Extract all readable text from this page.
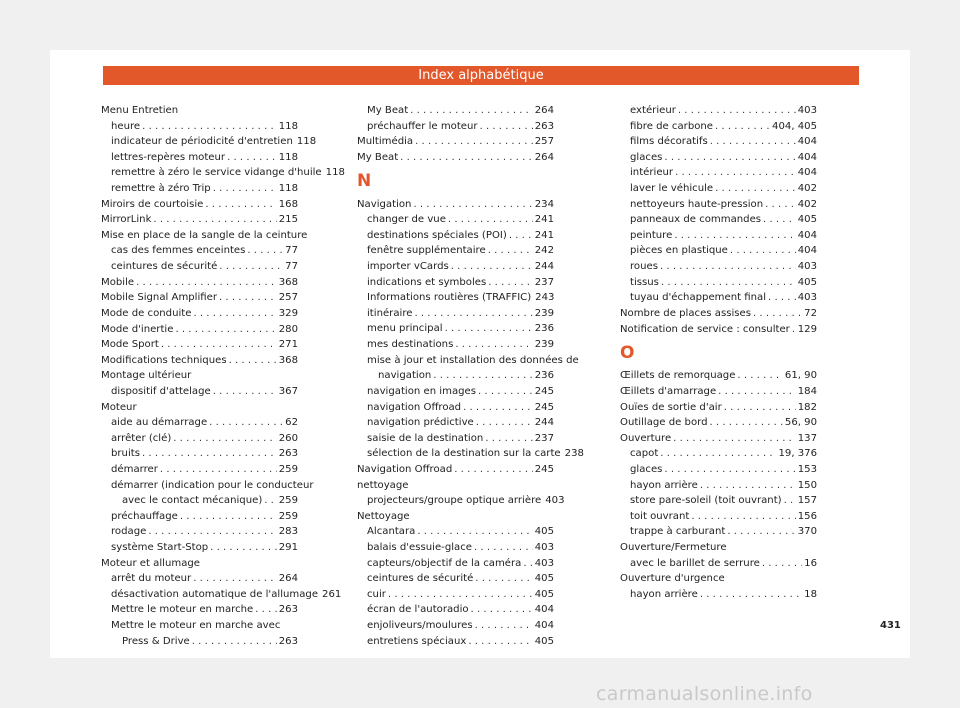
Index alphabétique
Menu Entretien
heure . . .	118
indicateur de périodicité d'entretien 118
lettres-repères moteur . . .	118
remettre à zéro le service vidange d'huile 118
remettre à zéro Trip . . .	118
Miroirs de courtoisie . . .	168
MirrorLink . . .	215
Mise en place de la sangle de la ceinture
cas des femmes enceintes . . .	77
ceintures de sécurité . . .	77
Mobile . . .	368
Mobile Signal Amplifier . . .	257
Mode de conduite . . .	329
Mode d'inertie . . .	280
Mode Sport . . .	271
Modifications techniques . . .	368
Montage ultérieur
dispositif d'attelage . . .	367
Moteur
aide au démarrage . . .	62
arrêter (clé) . . .	260
bruits . . .	263
démarrer . . .	259
démarrer (indication pour le conducteur
avec le contact mécanique) . . . 259
préchauffage . . .	259
rodage . . .	283
système Start-Stop . . .	291
Moteur et allumage
arrêt du moteur . . .	264
désactivation automatique de l'allumage 261
Mettre le moteur en marche . . .	263
Mettre le moteur en marche avec
Press & Drive . . .	263
My Beat . . .	264
préchauffer le moteur . . .	263
Multimédia . . .	257
My Beat . . .	264
N
Navigation . . .	234
changer de vue . . .	241
destinations spéciales (POI) . . .	241
fenêtre supplémentaire . . .	242
importer vCards . . .	244
indications et symboles . . .	237
Informations routières (TRAFFIC) 243
itinéraire . . .	239
menu principal . . .	236
mes destinations . . .	239
mise à jour et installation des données de
navigation . . .	236
navigation en images . . .	245
navigation Offroad . . .	245
navigation prédictive . . .	244
saisie de la destination . . .	237
sélection de la destination sur la carte 238
Navigation Offroad . . .	245
nettoyage
projecteurs/groupe optique arrière 403
Nettoyage
Alcantara . . .	405
balais d'essuie-glace . . .	403
capteurs/objectif de la caméra . . . 403
ceintures de sécurité . . .	405
cuir . . .	405
écran de l'autoradio . . .	404
enjoliveurs/moulures . . .	404
entretiens spéciaux . . .	405
extérieur . . .	403
fibre de carbone . . .	404, 405
films décoratifs . . .	404
glaces . . .	404
intérieur . . .	404
laver le véhicule . . .	402
nettoyeurs haute-pression . . .	402
panneaux de commandes . . .	405
peinture . . .	404
pièces en plastique . . .	404
roues . . .	403
tissus . . .	405
tuyau d'échappement final . . .	403
Nombre de places assises . . .	72
Notification de service : consulter . . . 129
O
Œillets de remorquage . . .	61, 90
Œillets d'amarrage . . .	184
Ouïes de sortie d'air . . .	182
Outillage de bord . . .	56, 90
Ouverture . . .	137
capot . . .	19, 376
glaces . . .	153
hayon arrière . . .	150
store pare-soleil (toit ouvrant) . . . 157
toit ouvrant . . .	156
trappe à carburant . . .	370
Ouverture/Fermeture
avec le barillet de serrure . . .	16
Ouverture d'urgence
hayon arrière . . .	18
431
carmanualsonline.info
